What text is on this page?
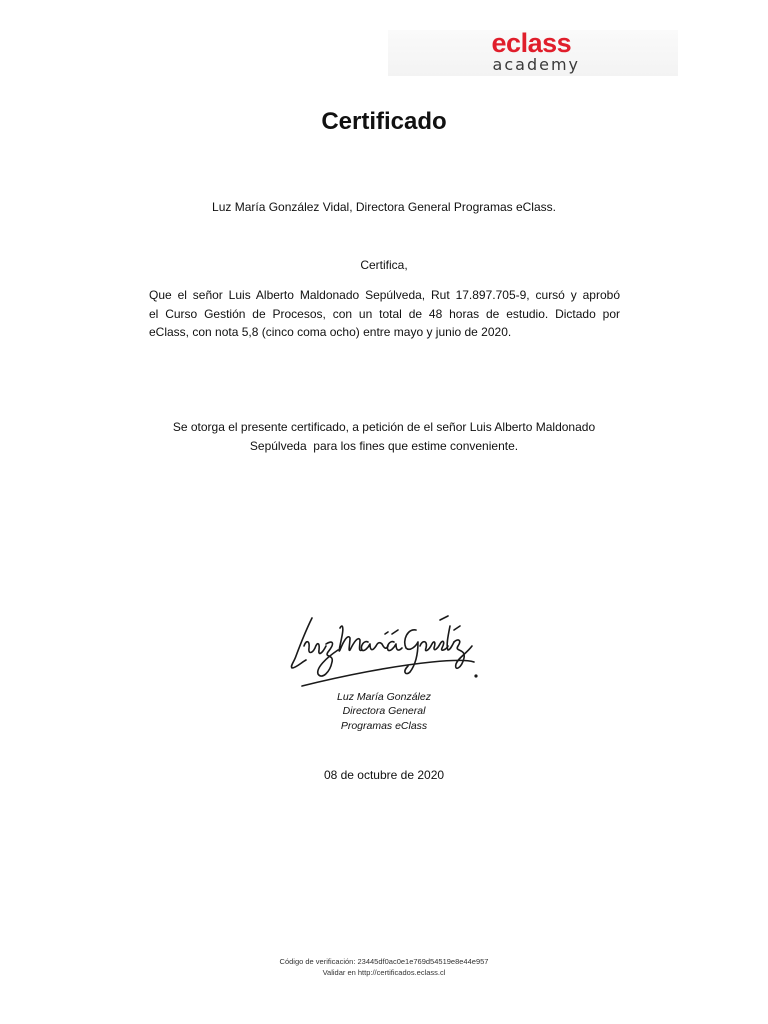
eclass
academy
Certificado
Luz María González Vidal, Directora General Programas eClass.
Certifica,
Que el señor Luis Alberto Maldonado Sepúlveda, Rut 17.897.705-9, cursó y aprobó
el Curso Gestión de Procesos, con un total de 48 horas de estudio. Dictado por
eClass, con nota 5,8 (cinco coma ocho) entre mayo y junio de 2020.
Se otorga el presente certificado, a petición de el señor Luis Alberto Maldonado
Sepúlveda  para los fines que estime conveniente.
Luz María González
Directora General
Programas eClass
08 de octubre de 2020
Código de verificación: 23445df0ac0e1e769d54519e8e44e957
Validar en http://certificados.eclass.cl
